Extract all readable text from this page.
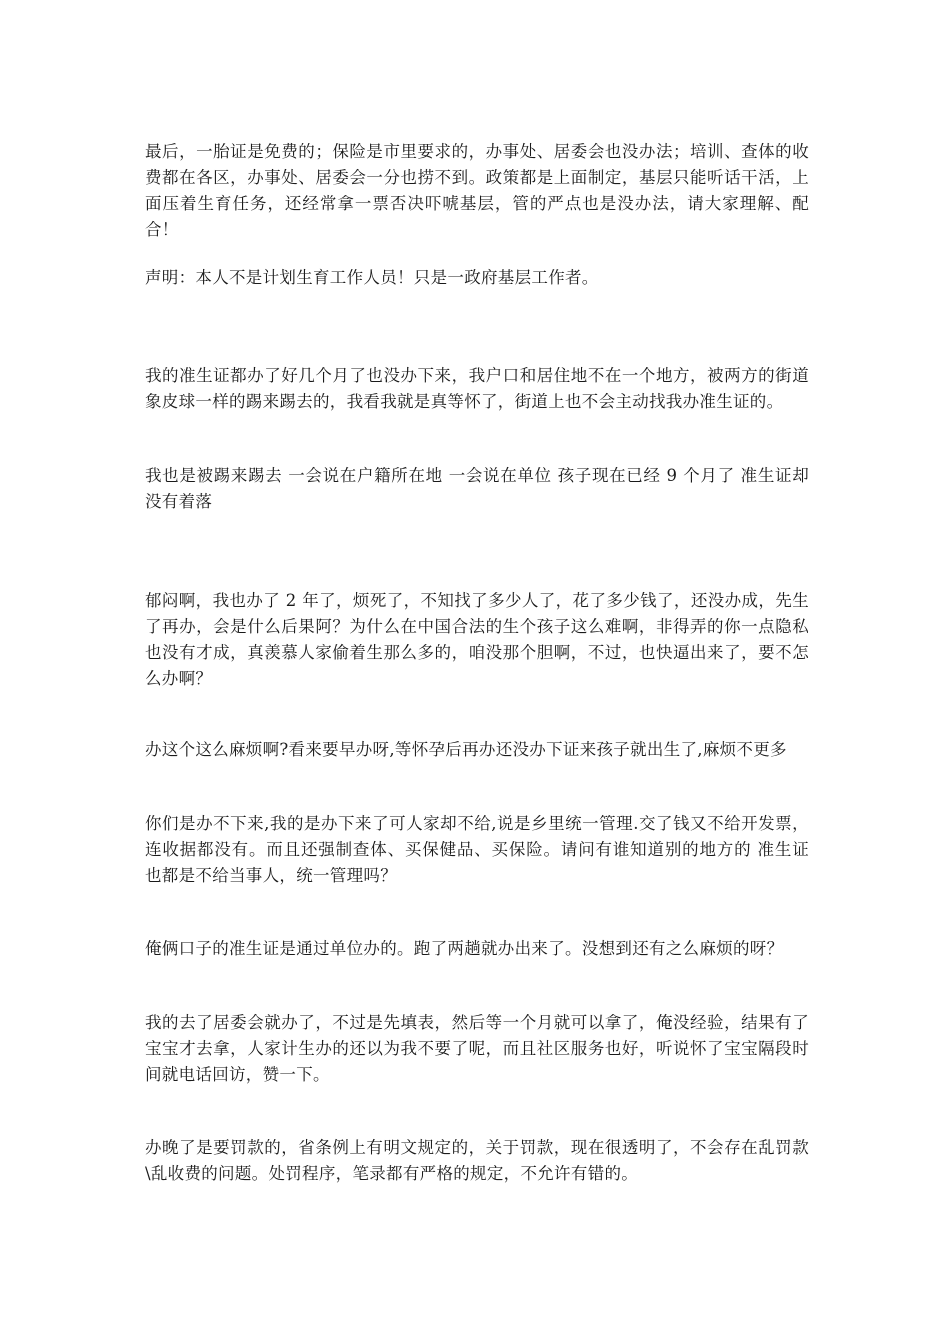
最后，一胎证是免费的；保险是市里要求的，办事处、居委会也没办法；培训、查体的收费都在各区，办事处、居委会一分也捞不到。政策都是上面制定，基层只能听话干活，上面压着生育任务，还经常拿一票否决吓唬基层，管的严点也是没办法，请大家理解、配合！

声明：本人不是计划生育工作人员！只是一政府基层工作者。

我的准生证都办了好几个月了也没办下来，我户口和居住地不在一个地方，被两方的街道象皮球一样的踢来踢去的，我看我就是真等怀了，街道上也不会主动找我办准生证的。

我也是被踢来踢去 一会说在户籍所在地 一会说在单位 孩子现在已经 9 个月了 准生证却没有着落

郁闷啊，我也办了 2 年了，烦死了，不知找了多少人了，花了多少钱了，还没办成，先生了再办，会是什么后果阿？为什么在中国合法的生个孩子这么难啊，非得弄的你一点隐私也没有才成，真羡慕人家偷着生那么多的，咱没那个胆啊，不过，也快逼出来了，要不怎么办啊？

办这个这么麻烦啊?看来要早办呀,等怀孕后再办还没办下证来孩子就出生了,麻烦不更多

你们是办不下来,我的是办下来了可人家却不给,说是乡里统一管理.交了钱又不给开发票，连收据都没有。而且还强制查体、买保健品、买保险。请问有谁知道别的地方的 准生证 也都是不给当事人，统一管理吗？

俺俩口子的准生证是通过单位办的。跑了两趟就办出来了。没想到还有之么麻烦的呀？

我的去了居委会就办了，不过是先填表，然后等一个月就可以拿了，俺没经验，结果有了宝宝才去拿，人家计生办的还以为我不要了呢，而且社区服务也好，听说怀了宝宝隔段时间就电话回访，赞一下。

办晚了是要罚款的，省条例上有明文规定的，关于罚款，现在很透明了，不会存在乱罚款\乱收费的问题。处罚程序，笔录都有严格的规定，不允许有错的。
